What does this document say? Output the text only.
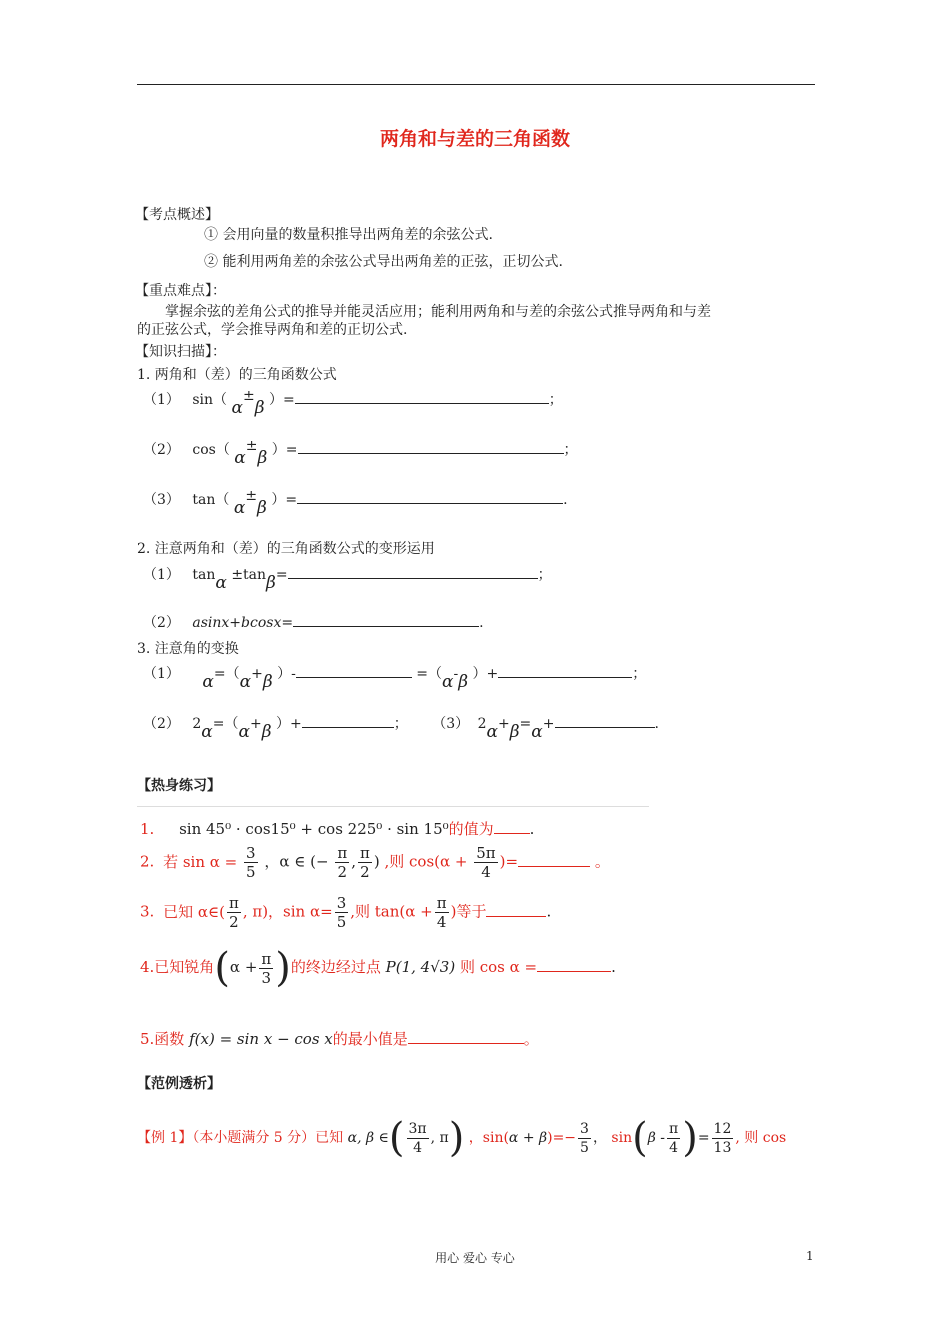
两角和与差的三角函数
【考点概述】
① 会用向量的数量积推导出两角差的余弦公式.
② 能利用两角差的余弦公式导出两角差的正弦，正切公式.
【重点难点】：
掌握余弦的差角公式的推导并能灵活应用；能利用两角和与差的余弦公式推导两角和与差
的正弦公式，学会推导两角和差的正切公式.
【知识扫描】：
1. 两角和（差）的三角函数公式
（1） sin（ α±β ）=	；
（2） cos（ α±β ）=	；
（3） tan（ α±β ）=	.
2. 注意两角和（差）的三角函数公式的变形运用
（1） tanα ±tanβ=	；
（2） asinx+bcosx=	.
3. 注意角的变换
（1） α=（α+β ）-	=（α-β ）+	；
（2） 2α=（α+β ）+	； （3） 2α+β=α+	.
【热身练习】
1. sin 45⁰ · cos15⁰ + cos 225⁰ · sin 15⁰的值为 .
2. 若 $\sin \alpha = \frac{3}{5}$ ，α ∈ (− $\frac{\pi}{2}$ , $\frac{\pi}{2}$ ) ,则 $\cos(\alpha + \frac{5\pi}{4}$ )=	。
3. 已知 α∈( $\frac{\pi}{2}$ , π)，$\sin \alpha= \frac{3}{5}$ ,则 $\tan(\alpha + \frac{\pi}{4}$ )等于	.
4.已知锐角($\alpha + \frac{\pi}{3}$ )的终边经过点 P(1, 4√3) 则 cos α =	.
5.函数 f(x) = sin x − cos x的最小值是	。
【范例透析】
【例 1】（本小题满分 5 分）已知 α, β ∈( $\frac{3\pi}{4}$ , π) ，$\sin(\alpha + \beta)=- \frac{3}{5}$ ， $\sin(\beta - \frac{\pi}{4}$ )= $\frac{12}{13}$ , 则 cos
用心 爱心 专心	1
